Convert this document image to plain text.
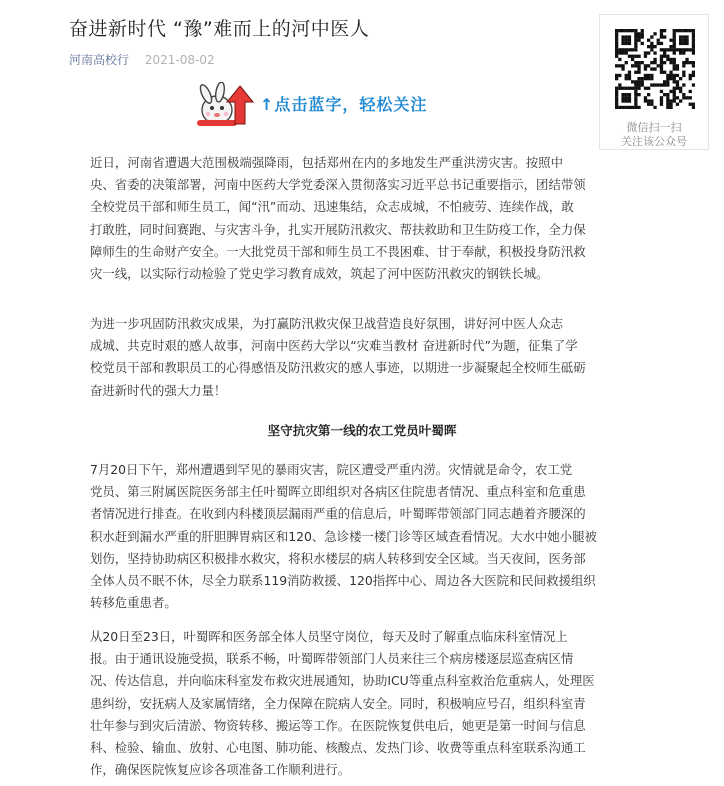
奋进新时代 “豫”难而上的河中医人
河南高校行 2021-08-02
微信扫一扫
关注该公众号
↑点击蓝字，轻松关注
近日，河南省遭遇大范围极端强降雨，包括郑州在内的多地发生严重洪涝灾害。按照中
央、省委的决策部署，河南中医药大学党委深入贯彻落实习近平总书记重要指示，团结带领
全校党员干部和师生员工，闻“汛”而动、迅速集结，众志成城，不怕疲劳、连续作战，敢
打敢胜，同时间赛跑、与灾害斗争，扎实开展防汛救灾、帮扶救助和卫生防疫工作，全力保
障师生的生命财产安全。一大批党员干部和师生员工不畏困难、甘于奉献，积极投身防汛救
灾一线，以实际行动检验了党史学习教育成效，筑起了河中医防汛救灾的钢铁长城。
为进一步巩固防汛救灾成果，为打赢防汛救灾保卫战营造良好氛围，讲好河中医人众志
成城、共克时艰的感人故事，河南中医药大学以“灾难当教材 奋进新时代”为题，征集了学
校党员干部和教职员工的心得感悟及防汛救灾的感人事迹，以期进一步凝聚起全校师生砥砺
奋进新时代的强大力量！
坚守抗灾第一线的农工党员叶蜀晖
7月20日下午，郑州遭遇到罕见的暴雨灾害，院区遭受严重内涝。灾情就是命令，农工党
党员、第三附属医院医务部主任叶蜀晖立即组织对各病区住院患者情况、重点科室和危重患
者情况进行排查。在收到内科楼顶层漏雨严重的信息后，叶蜀晖带领部门同志趟着齐腰深的
积水赶到漏水严重的肝胆脾胃病区和120、急诊楼一楼门诊等区域查看情况。大水中她小腿被
划伤，坚持协助病区积极排水救灾，将积水楼层的病人转移到安全区域。当天夜间，医务部
全体人员不眠不休，尽全力联系119消防救援、120指挥中心、周边各大医院和民间救援组织
转移危重患者。
从20日至23日，叶蜀晖和医务部全体人员坚守岗位，每天及时了解重点临床科室情况上
报。由于通讯设施受损，联系不畅，叶蜀晖带领部门人员来往三个病房楼逐层巡查病区情
况、传达信息，并向临床科室发布救灾进展通知，协助ICU等重点科室救治危重病人，处理医
患纠纷，安抚病人及家属情绪，全力保障在院病人安全。同时，积极响应号召，组织科室青
壮年参与到灾后清淤、物资转移、搬运等工作。在医院恢复供电后，她更是第一时间与信息
科、检验、输血、放射、心电图、肺功能、核酸点、发热门诊、收费等重点科室联系沟通工
作，确保医院恢复应诊各项准备工作顺利进行。
